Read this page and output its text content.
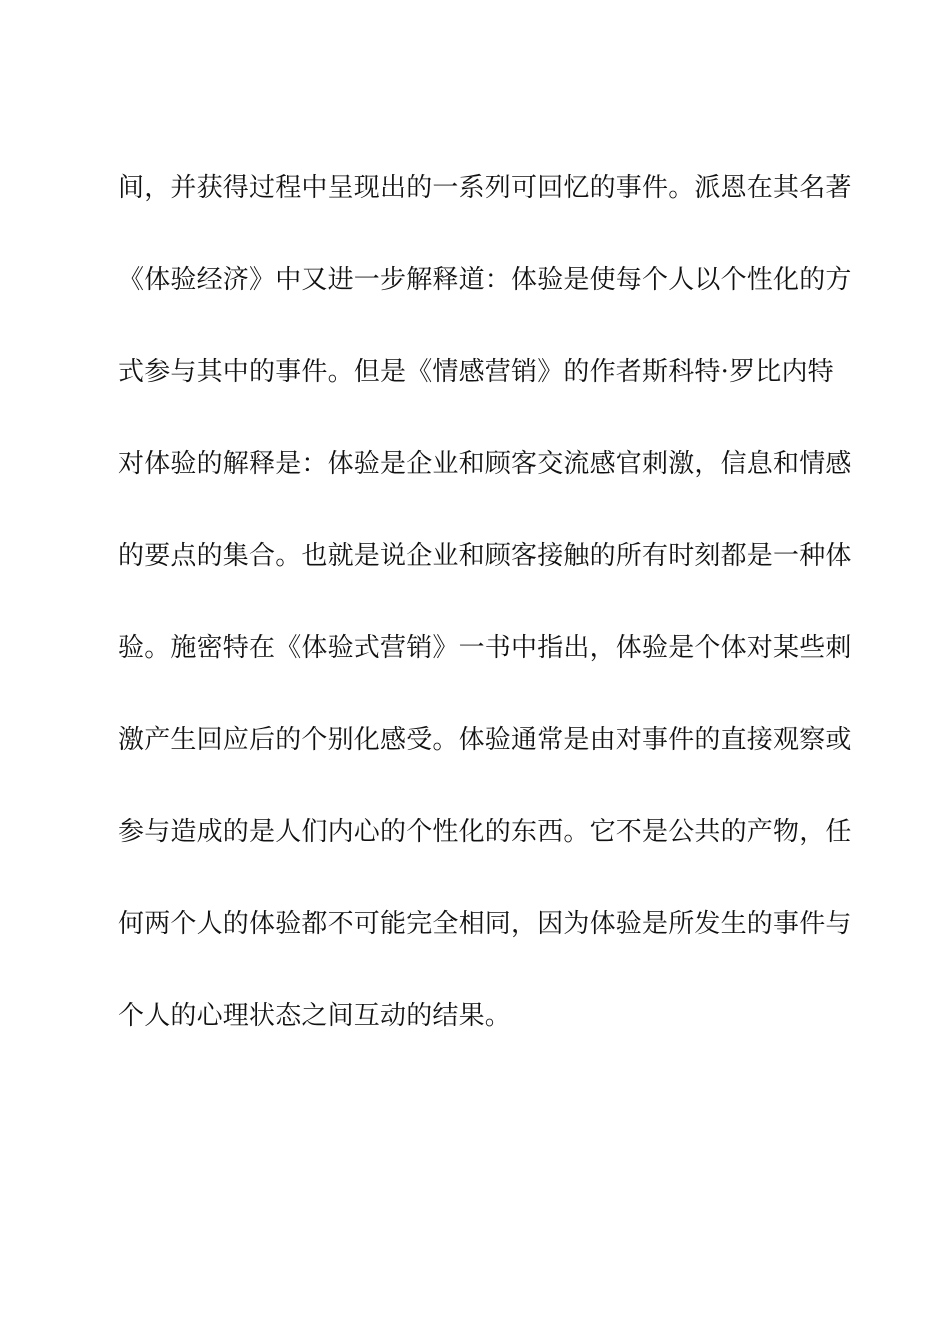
间，并获得过程中呈现出的一系列可回忆的事件。派恩在其名著
《体验经济》中又进一步解释道：体验是使每个人以个性化的方
式参与其中的事件。但是《情感营销》的作者斯科特·罗比内特
对体验的解释是：体验是企业和顾客交流感官刺激，信息和情感
的要点的集合。也就是说企业和顾客接触的所有时刻都是一种体
验。施密特在《体验式营销》一书中指出，体验是个体对某些刺
激产生回应后的个别化感受。体验通常是由对事件的直接观察或
参与造成的是人们内心的个性化的东西。它不是公共的产物，任
何两个人的体验都不可能完全相同，因为体验是所发生的事件与
个人的心理状态之间互动的结果。
